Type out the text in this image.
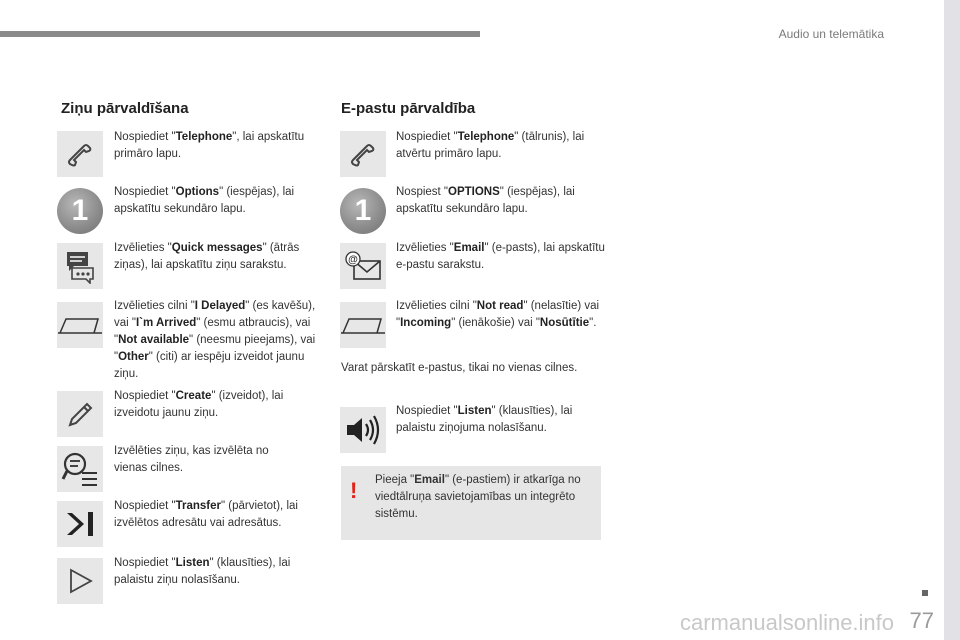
Audio un telemātika
Ziņu pārvaldīšana
Nospiediet "Telephone", lai apskatītu primāro lapu.
1
Nospiediet "Options" (iespējas), lai apskatītu sekundāro lapu.
Izvēlieties "Quick messages" (ātrās ziņas), lai apskatītu ziņu sarakstu.
Izvēlieties cilni "I Delayed" (es kavēšu), vai "I`m Arrived" (esmu atbraucis), vai "Not available" (neesmu pieejams), vai "Other" (citi) ar iespēju izveidot jaunu ziņu.
Nospiediet "Create" (izveidot), lai izveidotu jaunu ziņu.
Izvēlēties ziņu, kas izvēlēta no vienas cilnes.
Nospiediet "Transfer" (pārvietot), lai izvēlētos adresātu vai adresātus.
Nospiediet "Listen" (klausīties), lai palaistu ziņu nolasīšanu.
E-pastu pārvaldība
Nospiediet "Telephone" (tālrunis), lai atvērtu primāro lapu.
1
Nospiest "OPTIONS" (iespējas), lai apskatītu sekundāro lapu.
@
Izvēlieties "Email" (e-pasts), lai apskatītu e-pastu sarakstu.
Izvēlieties cilni "Not read" (nelasītie) vai "Incoming" (ienākošie) vai "Nosūtītie".
Varat pārskatīt e-pastus, tikai no vienas cilnes.
Nospiediet "Listen" (klausīties), lai palaistu ziņojuma nolasīšanu.
! Pieeja "Email" (e-pastiem) ir atkarīga no viedtālruņa savietojamības un integrēto sistēmu.
77
carmanualsonline.info
